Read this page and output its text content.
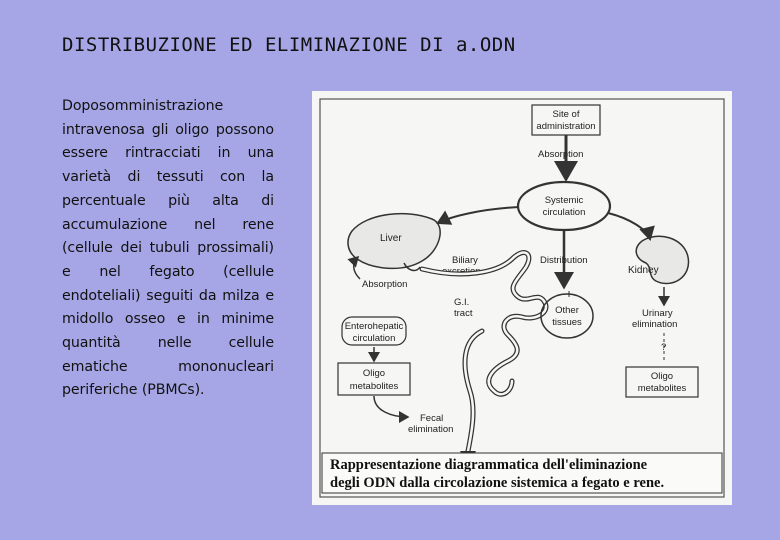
DISTRIBUZIONE ED ELIMINAZIONE DI a.ODN
Doposomministrazione intravenosa gli oligo possono essere rintracciati in una varietà di tessuti con la percentuale più alta di accumulazione nel rene (cellule dei tubuli prossimali) e nel fegato (cellule endoteliali) seguiti da milza e midollo osseo e in minime quantità nelle cellule ematiche mononucleari periferiche (PBMCs).
Site of
administration
Absorption
Systemic
circulation
Liver
Biliary
excretion
Absorption
G.I.
tract
Distribution
Other
tissues
Kidney
Urinary
elimination
?
Oligo
metabolites
Enterohepatic
circulation
Oligo
metabolites
Fecal
elimination
Rappresentazione diagrammatica dell'eliminazione
degli ODN dalla circolazione sistemica a fegato e rene.
